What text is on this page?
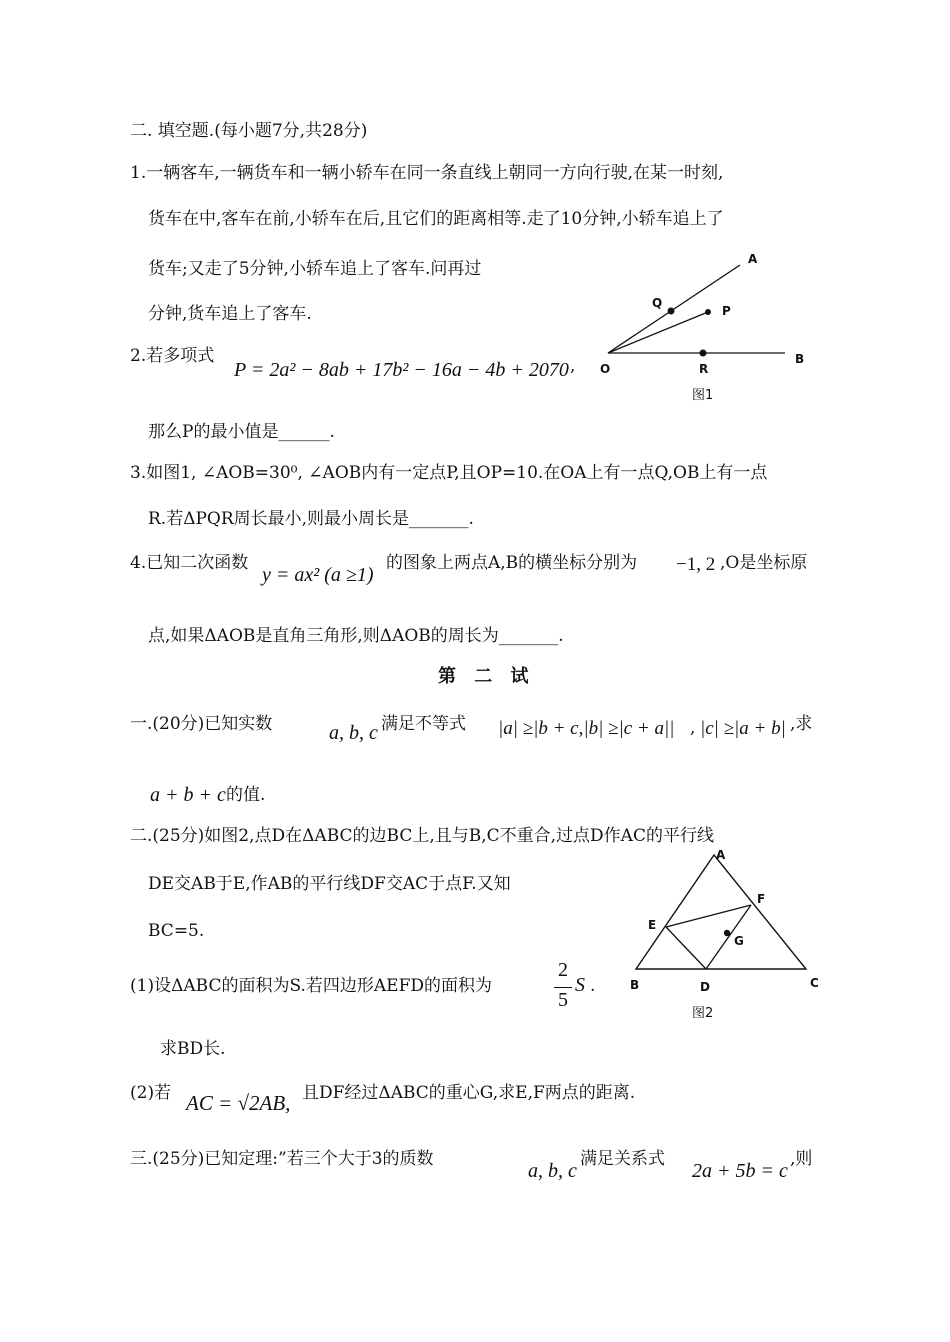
二. 填空题.(每小题7分,共28分)
1.一辆客车,一辆货车和一辆小轿车在同一条直线上朝同一方向行驶,在某一时刻,
货车在中,客车在前,小轿车在后,且它们的距离相等.走了10分钟,小轿车追上了
货车;又走了5分钟,小轿车追上了客车.问再过
分钟,货车追上了客车.
2.若多项式
P = 2a² − 8ab + 17b² − 16a − 4b + 2070 ,
那么P的最小值是______.
3.如图1, ∠AOB=30⁰, ∠AOB内有一定点P,且OP=10.在OA上有一点Q,OB上有一点
R.若ΔPQR周长最小,则最小周长是_______.
4.已知二次函数
y = ax² (a ≥1)
的图象上两点A,B的横坐标分别为 −1, 2 ,O是坐标原
点,如果ΔAOB是直角三角形,则ΔAOB的周长为_______.
A
Q
P
O	R
B
图1
第 二 试
一.(20分)已知实数	a, b, c 满足不等式 |a| ≥|b + c,|b| ≥|c + a|| , |c| ≥|a + b| ,求
a + b + c 的值.
二.(25分)如图2,点D在ΔABC的边BC上,且与B,C不重合,过点D作AC的平行线
DE交AB于E,作AB的平行线DF交AC于点F.又知
BC=5.
(1)设ΔABC的面积为S.若四边形AEFD的面积为
2
5
S .
求BD长.
(2)若 AC = √2AB, 且DF经过ΔABC的重心G,求E,F两点的距离.
三.(25分)已知定理:”若三个大于3的质数
a, b, c
满足关系式
2a + 5b = c
,则
A
F
E
G
B	D	C
图2
